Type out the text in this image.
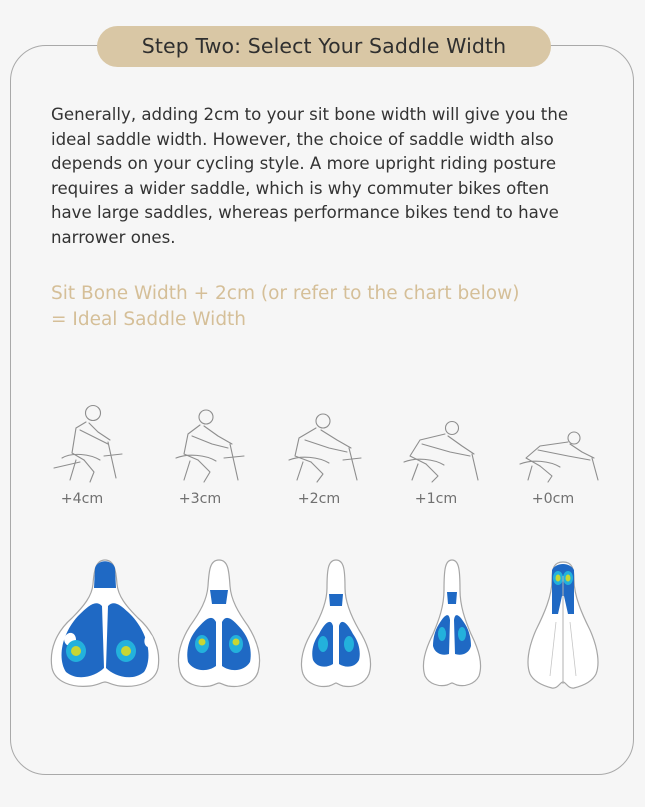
Step Two: Select Your Saddle Width

Generally, adding 2cm to your sit bone width will give you the
ideal saddle width. However, the choice of saddle width also
depends on your cycling style. A more upright riding posture
requires a wider saddle, which is why commuter bikes often
have large saddles, whereas performance bikes tend to have
narrower ones.

Sit Bone Width + 2cm (or refer to the chart below)
= Ideal Saddle Width

+4cm	+3cm	+2cm	+1cm	+0cm
